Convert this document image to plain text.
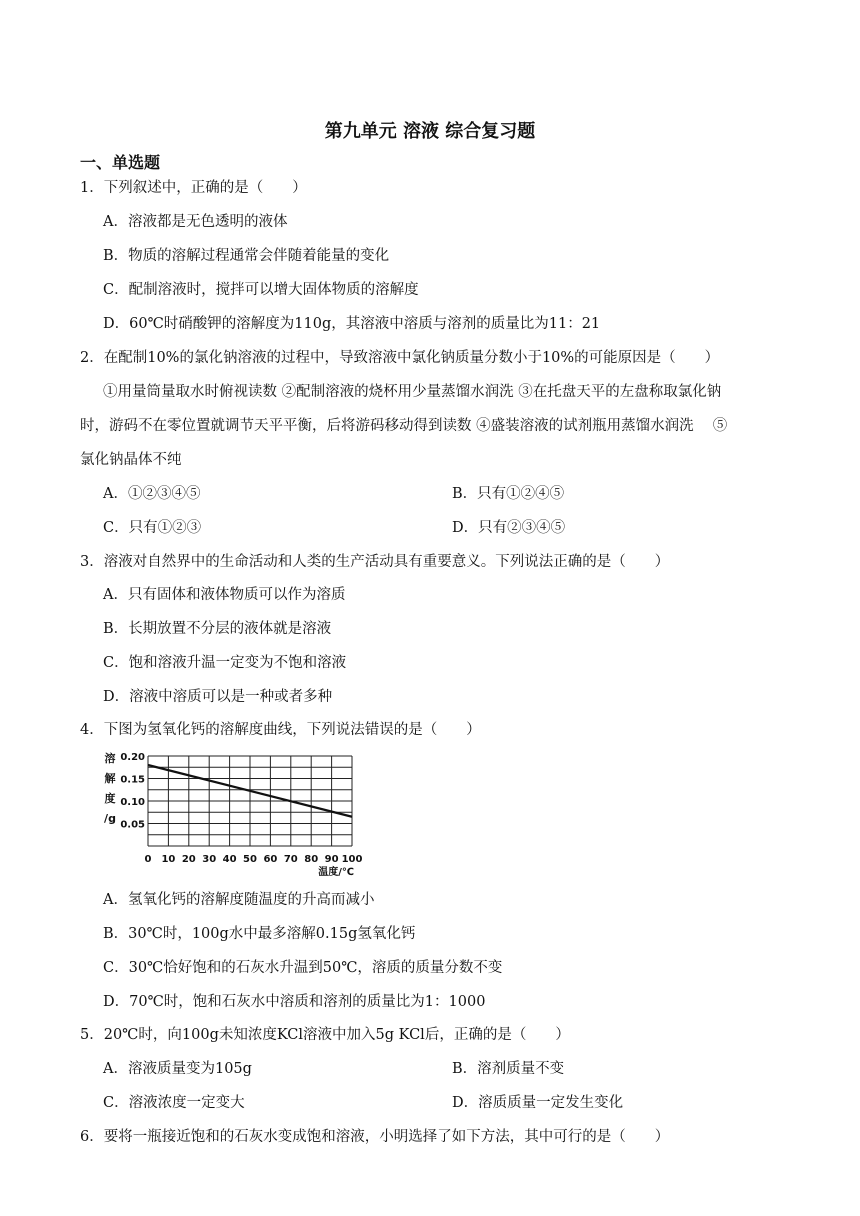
第九单元 溶液 综合复习题
一、单选题
1．下列叙述中，正确的是（　　）
A．溶液都是无色透明的液体
B．物质的溶解过程通常会伴随着能量的变化
C．配制溶液时，搅拌可以增大固体物质的溶解度
D．60℃时硝酸钾的溶解度为110g，其溶液中溶质与溶剂的质量比为11：21
2．在配制10%的氯化钠溶液的过程中，导致溶液中氯化钠质量分数小于10%的可能原因是（　　）
①用量筒量取水时俯视读数 ②配制溶液的烧杯用少量蒸馏水润洗 ③在托盘天平的左盘称取氯化钠
时，游码不在零位置就调节天平平衡，后将游码移动得到读数 ④盛装溶液的试剂瓶用蒸馏水润洗　 ⑤
氯化钠晶体不纯
A．①②③④⑤	B．只有①②④⑤
C．只有①②③	D．只有②③④⑤
3．溶液对自然界中的生命活动和人类的生产活动具有重要意义。下列说法正确的是（　　）
A．只有固体和液体物质可以作为溶质
B．长期放置不分层的液体就是溶液
C．饱和溶液升温一定变为不饱和溶液
D．溶液中溶质可以是一种或者多种
4．下图为氢氧化钙的溶解度曲线，下列说法错误的是（　　）
溶
解
度
/g
0.20
0.15
0.10
0.05
0 10 20 30 40 50 60 70 80 90 100
温度/℃
A．氢氧化钙的溶解度随温度的升高而减小
B．30℃时，100g水中最多溶解0.15g氢氧化钙
C．30℃恰好饱和的石灰水升温到50℃，溶质的质量分数不变
D．70℃时，饱和石灰水中溶质和溶剂的质量比为1：1000
5．20℃时，向100g未知浓度KCl溶液中加入5g KCl后，正确的是（　　）
A．溶液质量变为105g	B．溶剂质量不变
C．溶液浓度一定变大	D．溶质质量一定发生变化
6．要将一瓶接近饱和的石灰水变成饱和溶液，小明选择了如下方法，其中可行的是（　　）
